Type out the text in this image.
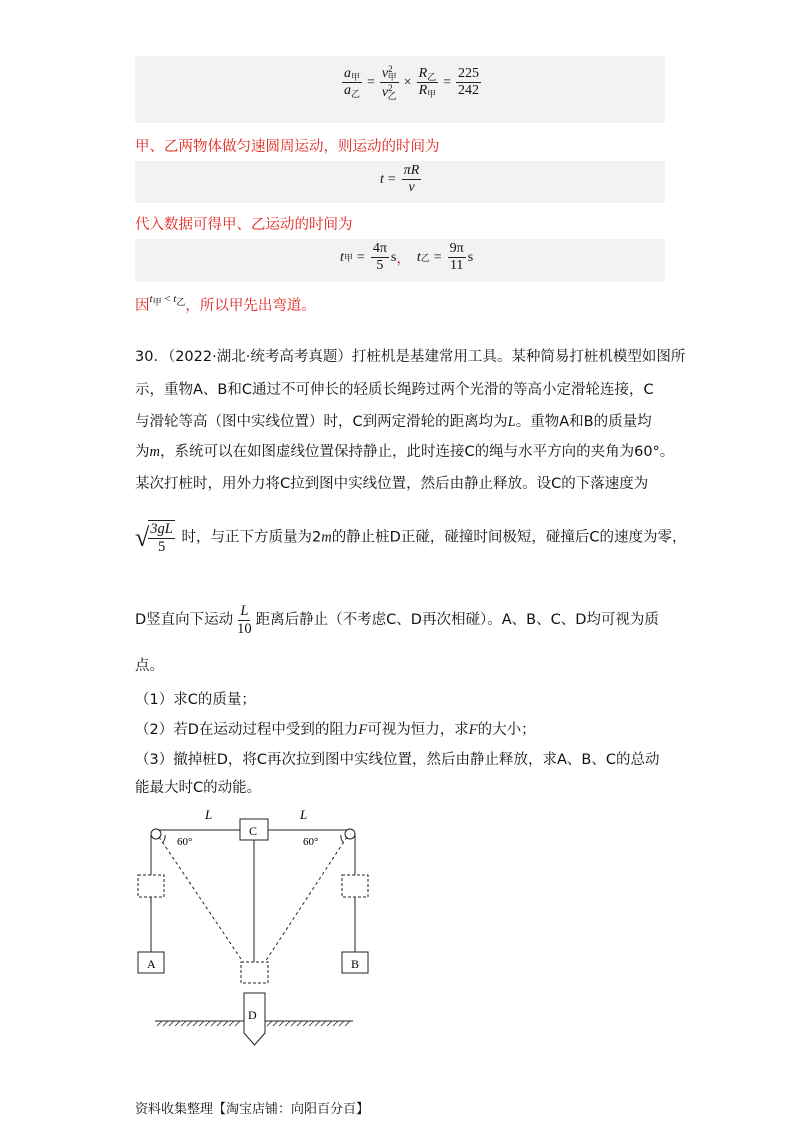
$\frac{a_甲}{a_乙} = \frac{v^2_甲}{v^2_乙} \times \frac{R_乙}{R_甲} = \frac{225}{242}$
甲、乙两物体做匀速圆周运动，则运动的时间为
$t = \frac{\pi R}{v}$
代入数据可得甲、乙运动的时间为
t 甲 = $\frac{4\pi}{5}$ s ， t 乙 = $\frac{9\pi}{11}$ s
因$^{t_甲 < t_乙}$，所以甲先出弯道。
30．（2022·湖北·统考高考真题）打桩机是基建常用工具。某种简易打桩机模型如图所
示，重物A、B和C通过不可伸长的轻质长绳跨过两个光滑的等高小定滑轮连接，C
与滑轮等高（图中实线位置）时，C到两定滑轮的距离均为L。重物A和B的质量均
为m，系统可以在如图虚线位置保持静止，此时连接C的绳与水平方向的夹角为60°。
某次打桩时，用外力将C拉到图中实线位置，然后由静止释放。设C的下落速度为
√ $\frac{3gL}{5}$ 时，与正下方质量为2m的静止桩D正碰，碰撞时间极短，碰撞后C的速度为零，
D竖直向下运动 $\frac{L}{10}$ 距离后静止（不考虑C、D再次相碰）。A、B、C、D均可视为质
点。
（1）求C的质量；
（2）若D在运动过程中受到的阻力F可视为恒力，求F的大小；
（3）撤掉桩D，将C再次拉到图中实线位置，然后由静止释放，求A、B、C的总动
能最大时C的动能。
L	L
C
60°	60°
A	B
D
资料收集整理【淘宝店铺：向阳百分百】
